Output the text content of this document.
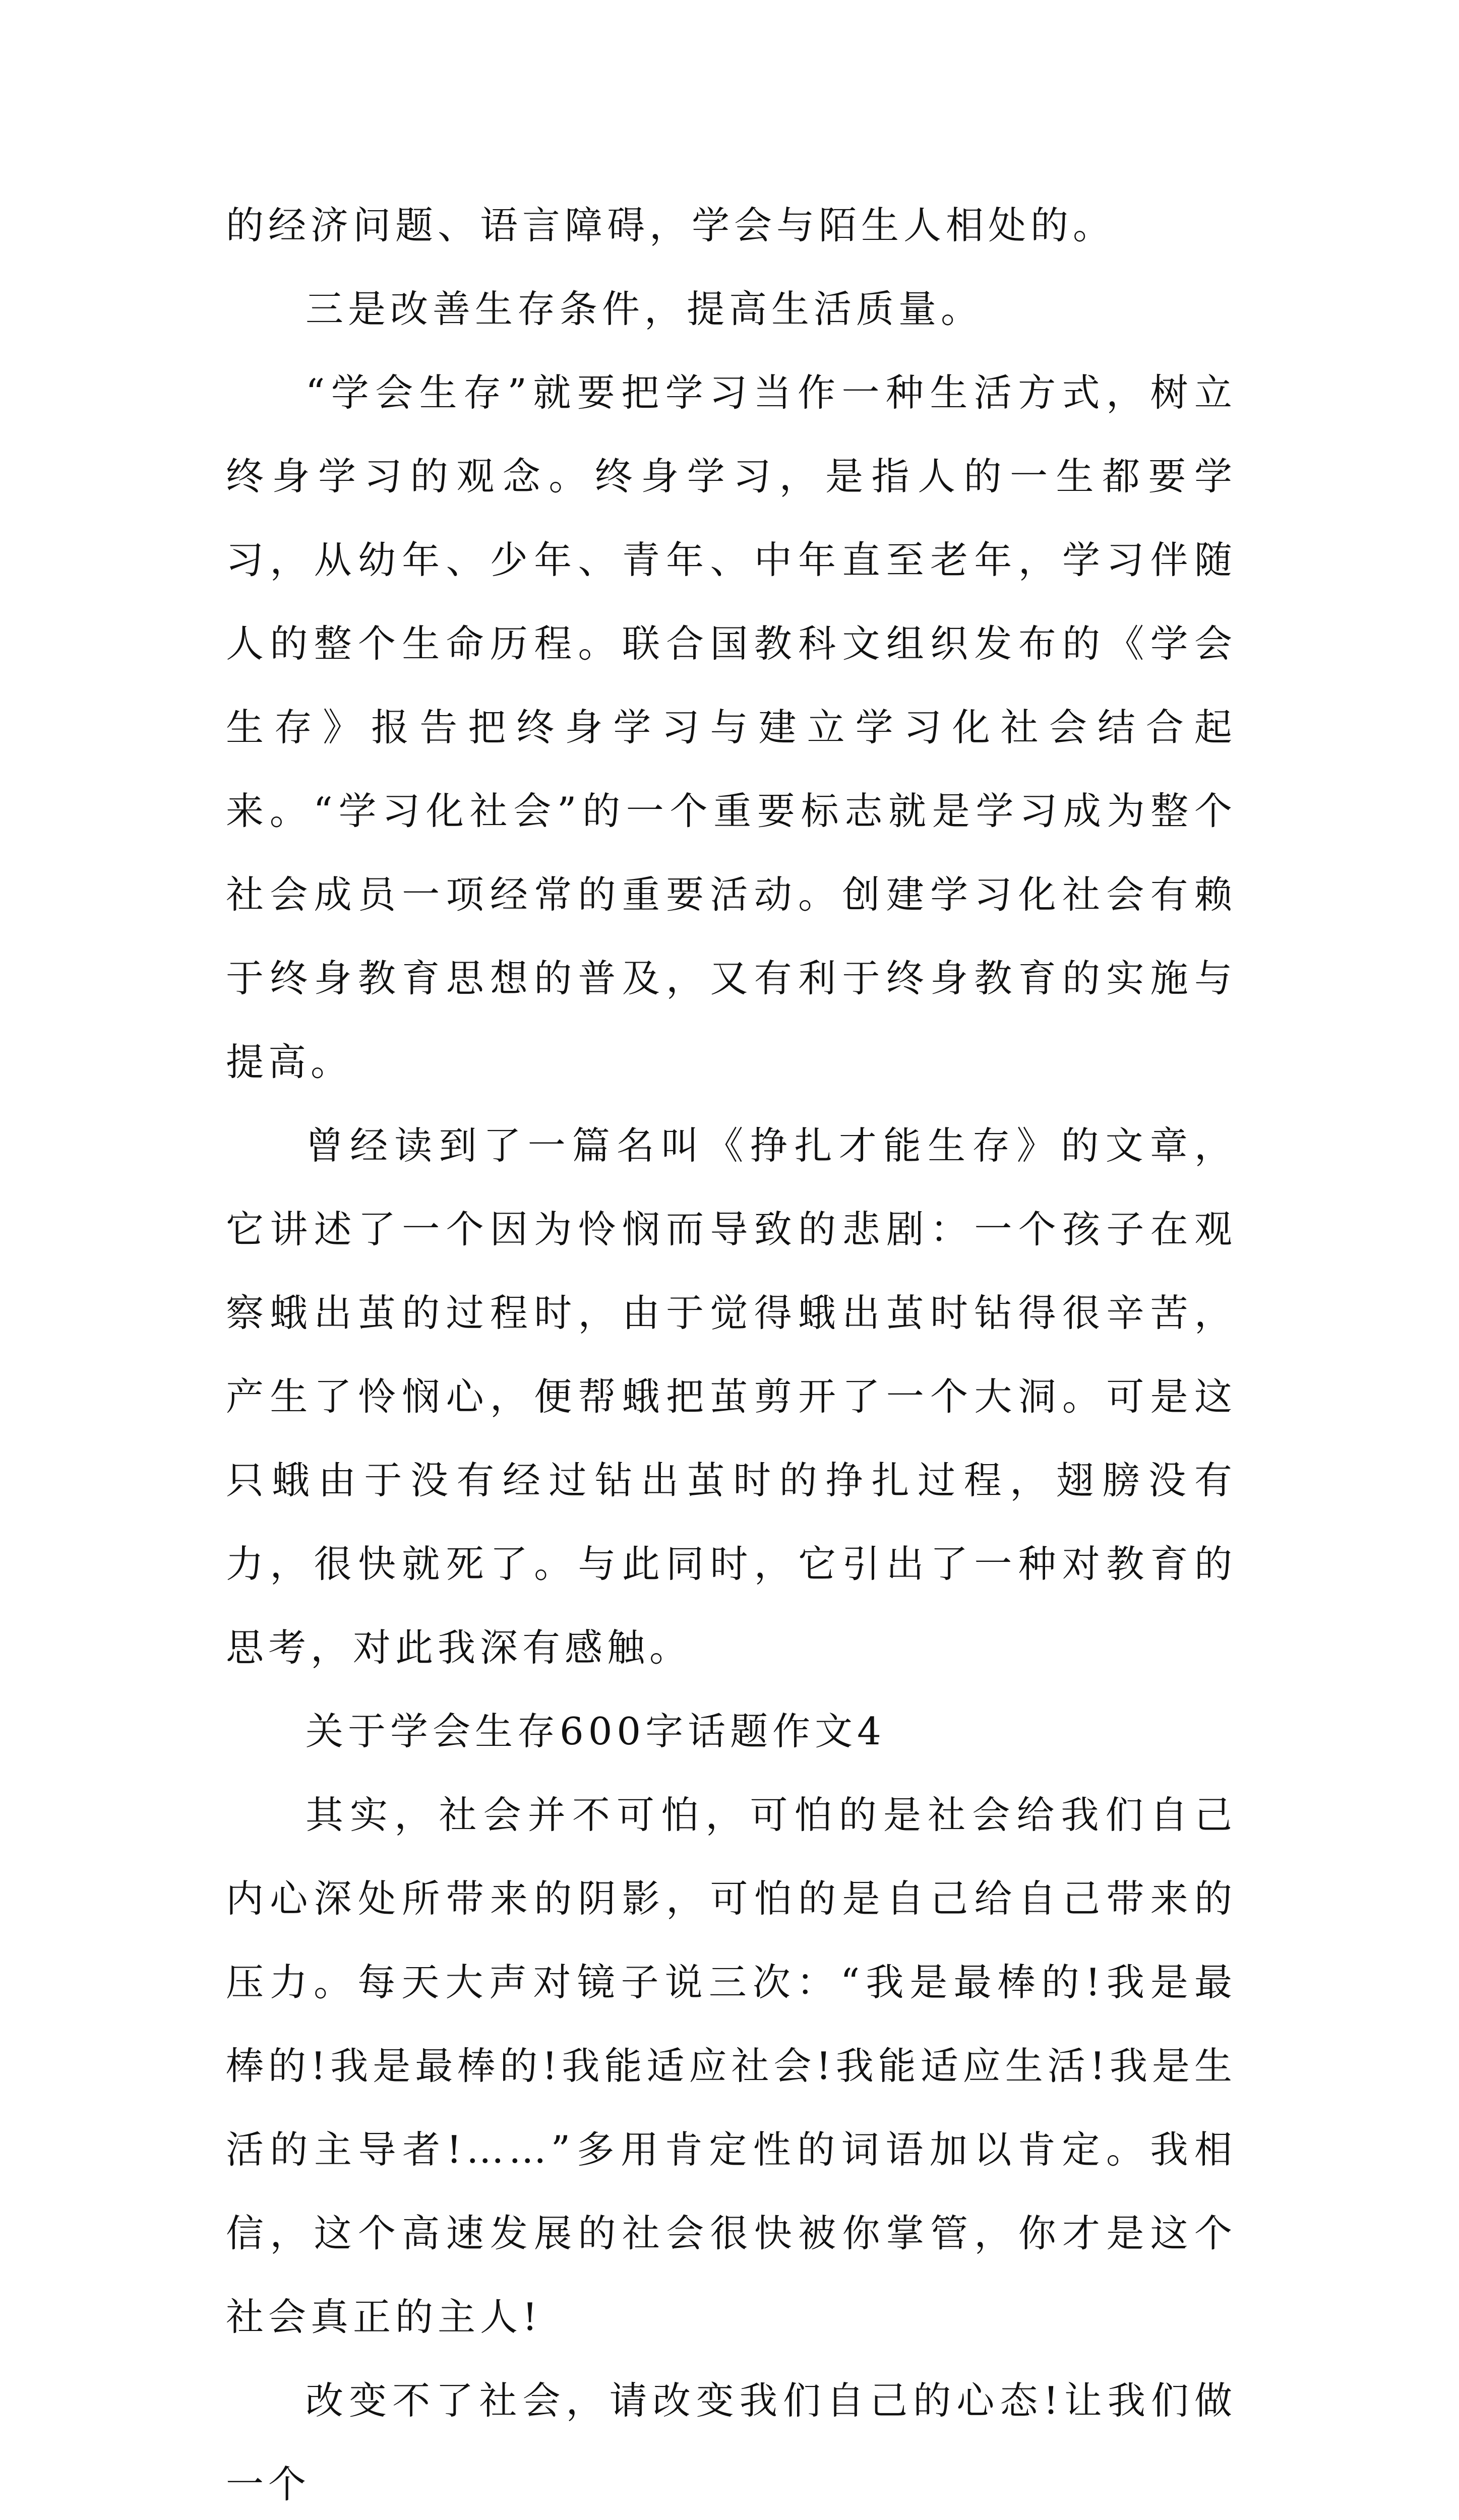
的经济问题、语言障碍，学会与陌生人相处的。

三是改善生存条件，提高生活质量。

“学会生存”就要把学习当作一种生活方式，树立终身学习的观念。终身学习，是指人的一生都要学习，从幼年、少年、青年、中年直至老年，学习伴随人的整个生命历程。联合国教科文组织发布的《学会生存》报告把终身学习与建立学习化社会结合起来。“学习化社会”的一个重要标志就是学习成为整个社会成员一项经常的重要活动。创建学习化社会有赖于终身教育思想的普及，又有利于终身教育的实施与提高。

曾经读到了一篇名叫《挣扎才能生存》的文章，它讲述了一个因为怜悯而导致的悲剧：一个孩子在观察蛾出茧的过程时，由于觉得蛾出茧时钻得很辛苦，产生了怜悯心，便帮蛾把茧剪开了一个大洞。可是这只蛾由于没有经过钻出茧时的挣扎过程，翅膀没有力，很快就死了。与此同时，它引出了一种对教育的思考，对此我深有感触。

关于学会生存600字话题作文4

其实，社会并不可怕，可怕的是社会给我们自己内心深处所带来的阴影，可怕的是自己给自己带来的压力。每天大声对镜子说三次：“我是最棒的!我是最棒的!我是最棒的!我能适应社会!我能适应生活!我是生活的主导者!……”多用肯定性的词语加以肯定。我相信，这个高速发展的社会很快被你掌管，你才是这个社会真正的主人!

改变不了社会，请改变我们自己的心态!让我们做一个
